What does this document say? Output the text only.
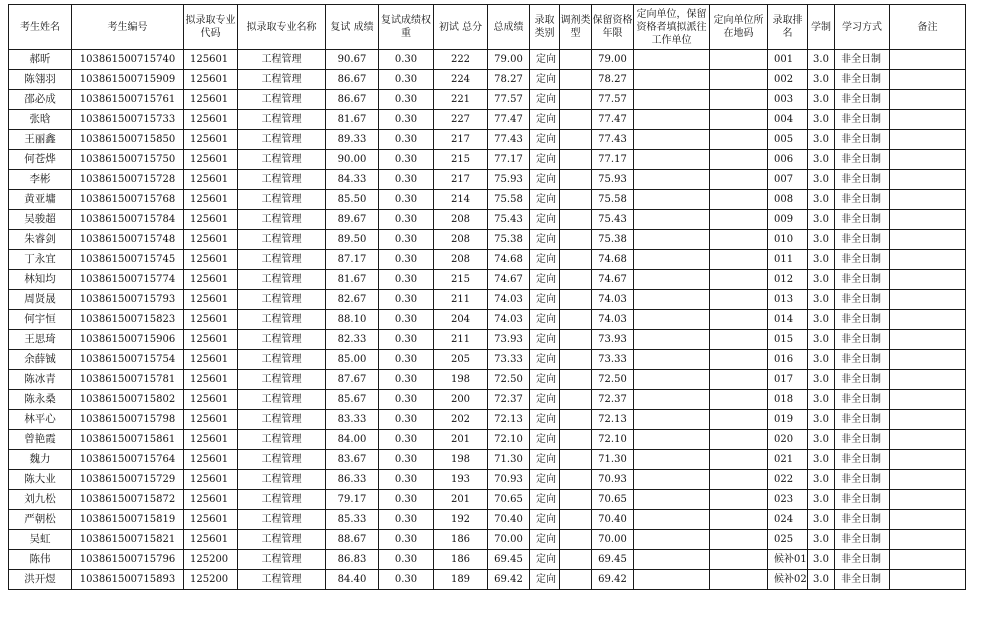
考生姓名	考生编号	拟录取专业代码	拟录取专业名称	复试 成绩	复试成绩权重	初试 总分	总成绩	录取类别	调剂类型	保留资格年限	定向单位，保留资格者填拟派往工作单位	定向单位所在地码	录取排名	学制	学习方式	备注
郝昕	103861500715740	125601	工程管理	90.67	0.30	222	79.00	定向		79.00			001	3.0	非全日制	
陈翎羽	103861500715909	125601	工程管理	86.67	0.30	224	78.27	定向		78.27			002	3.0	非全日制	
邵必成	103861500715761	125601	工程管理	86.67	0.30	221	77.57	定向		77.57			003	3.0	非全日制	
张晗	103861500715733	125601	工程管理	81.67	0.30	227	77.47	定向		77.47			004	3.0	非全日制	
王丽鑫	103861500715850	125601	工程管理	89.33	0.30	217	77.43	定向		77.43			005	3.0	非全日制	
何苍烨	103861500715750	125601	工程管理	90.00	0.30	215	77.17	定向		77.17			006	3.0	非全日制	
李彬	103861500715728	125601	工程管理	84.33	0.30	217	75.93	定向		75.93			007	3.0	非全日制	
黄亚墉	103861500715768	125601	工程管理	85.50	0.30	214	75.58	定向		75.58			008	3.0	非全日制	
吴骏超	103861500715784	125601	工程管理	89.67	0.30	208	75.43	定向		75.43			009	3.0	非全日制	
朱睿剑	103861500715748	125601	工程管理	89.50	0.30	208	75.38	定向		75.38			010	3.0	非全日制	
丁永宜	103861500715745	125601	工程管理	87.17	0.30	208	74.68	定向		74.68			011	3.0	非全日制	
林知均	103861500715774	125601	工程管理	81.67	0.30	215	74.67	定向		74.67			012	3.0	非全日制	
周贤晟	103861500715793	125601	工程管理	82.67	0.30	211	74.03	定向		74.03			013	3.0	非全日制	
何宇恒	103861500715823	125601	工程管理	88.10	0.30	204	74.03	定向		74.03			014	3.0	非全日制	
王思琦	103861500715906	125601	工程管理	82.33	0.30	211	73.93	定向		73.93			015	3.0	非全日制	
余薛铖	103861500715754	125601	工程管理	85.00	0.30	205	73.33	定向		73.33			016	3.0	非全日制	
陈冰青	103861500715781	125601	工程管理	87.67	0.30	198	72.50	定向		72.50			017	3.0	非全日制	
陈永桑	103861500715802	125601	工程管理	85.67	0.30	200	72.37	定向		72.37			018	3.0	非全日制	
林平心	103861500715798	125601	工程管理	83.33	0.30	202	72.13	定向		72.13			019	3.0	非全日制	
曾艳霞	103861500715861	125601	工程管理	84.00	0.30	201	72.10	定向		72.10			020	3.0	非全日制	
魏力	103861500715764	125601	工程管理	83.67	0.30	198	71.30	定向		71.30			021	3.0	非全日制	
陈大业	103861500715729	125601	工程管理	86.33	0.30	193	70.93	定向		70.93			022	3.0	非全日制	
刘九松	103861500715872	125601	工程管理	79.17	0.30	201	70.65	定向		70.65			023	3.0	非全日制	
严朝松	103861500715819	125601	工程管理	85.33	0.30	192	70.40	定向		70.40			024	3.0	非全日制	
吴虹	103861500715821	125601	工程管理	88.67	0.30	186	70.00	定向		70.00			025	3.0	非全日制	
陈伟	103861500715796	125200	工程管理	86.83	0.30	186	69.45	定向		69.45			候补01	3.0	非全日制	
洪开煜	103861500715893	125200	工程管理	84.40	0.30	189	69.42	定向		69.42			候补02	3.0	非全日制	
